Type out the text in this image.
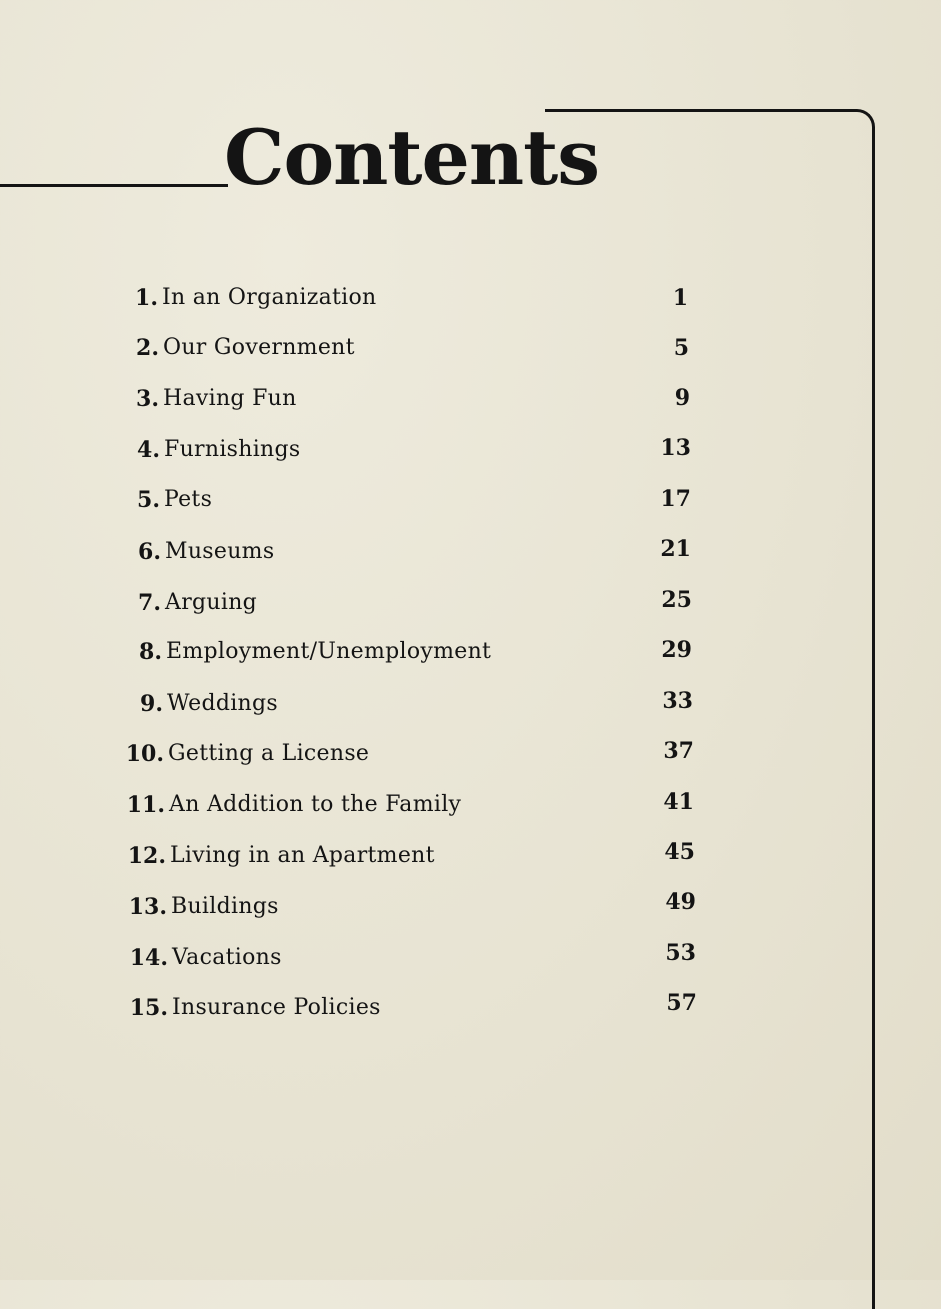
Contents
1. In an Organization
2. Our Government
3. Having Fun
4. Furnishings
5. Pets
6. Museums
7. Arguing
8. Employment/Unemployment
9. Weddings
10. Getting a License
11. An Addition to the Family
12. Living in an Apartment
13. Buildings
14. Vacations
15. Insurance Policies
1
5
9
13
17
21
25
29
33
37
41
45
49
53
57
